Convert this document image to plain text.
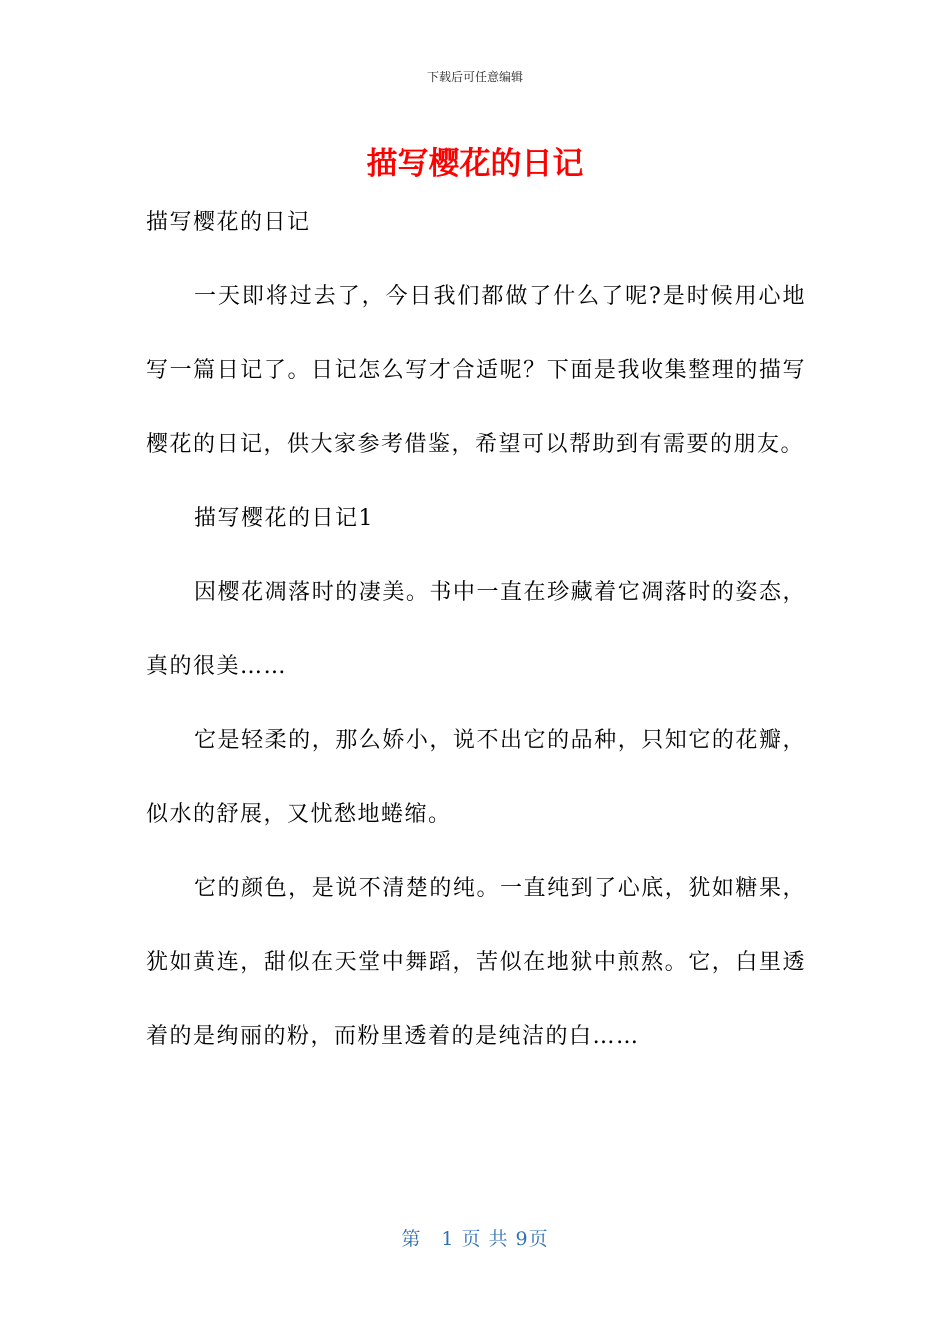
下载后可任意编辑
描写樱花的日记

描写樱花的日记

一天即将过去了，今日我们都做了什么了呢?是时候用心地写一篇日记了。日记怎么写才合适呢？下面是我收集整理的描写樱花的日记，供大家参考借鉴，希望可以帮助到有需要的朋友。

描写樱花的日记1

因樱花凋落时的凄美。书中一直在珍藏着它凋落时的姿态，真的很美……

它是轻柔的，那么娇小，说不出它的品种，只知它的花瓣，似水的舒展，又忧愁地蜷缩。

它的颜色，是说不清楚的纯。一直纯到了心底，犹如糖果，犹如黄连，甜似在天堂中舞蹈，苦似在地狱中煎熬。它，白里透着的是绚丽的粉，而粉里透着的是纯洁的白……

第　1 页 共 9页
